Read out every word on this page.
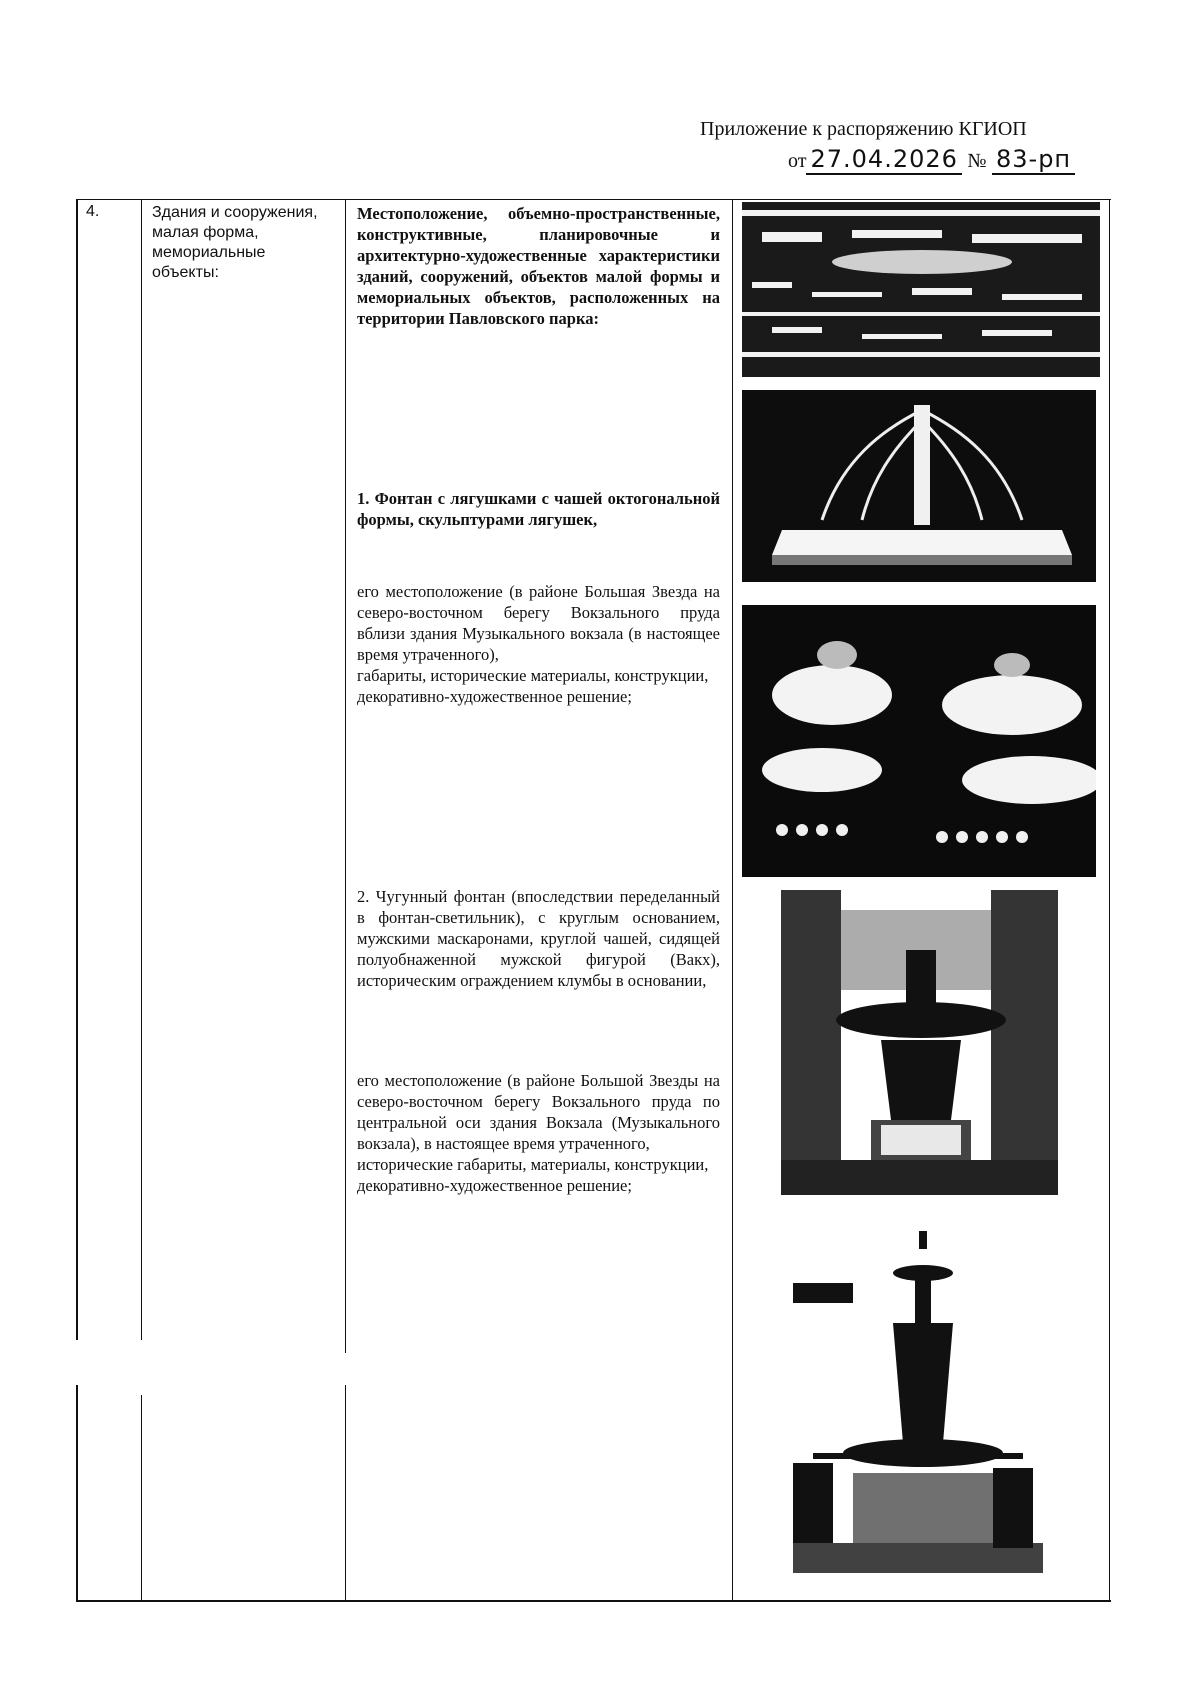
Приложение к распоряжению КГИОП
от 27.04.2026 № 83-рп
4.	Здания и сооружения, малая форма, мемориальные объекты:

Местоположение, объемно-пространственные, конструктивные, планировочные и архитектурно-художественные характеристики зданий, сооружений, объектов малой формы и мемориальных объектов, расположенных на территории Павловского парка:

1. Фонтан с лягушками с чашей октогональной формы, скульптурами лягушек,

его местоположение (в районе Большая Звезда на северо-восточном берегу Вокзального пруда вблизи здания Музыкального вокзала (в настоящее время утраченного),

габариты, исторические материалы, конструкции,

декоративно-художественное решение;

2. Чугунный фонтан (впоследствии переделанный в фонтан-светильник), с круглым основанием, мужскими маскаронами, круглой чашей, сидящей полуобнаженной мужской фигурой (Вакх), историческим ограждением клумбы в основании,

его местоположение (в районе Большой Звезды на северо-восточном берегу Вокзального пруда по центральной оси здания Вокзала (Музыкального вокзала), в настоящее время утраченного,

исторические габариты, материалы, конструкции,

декоративно-художественное решение;
